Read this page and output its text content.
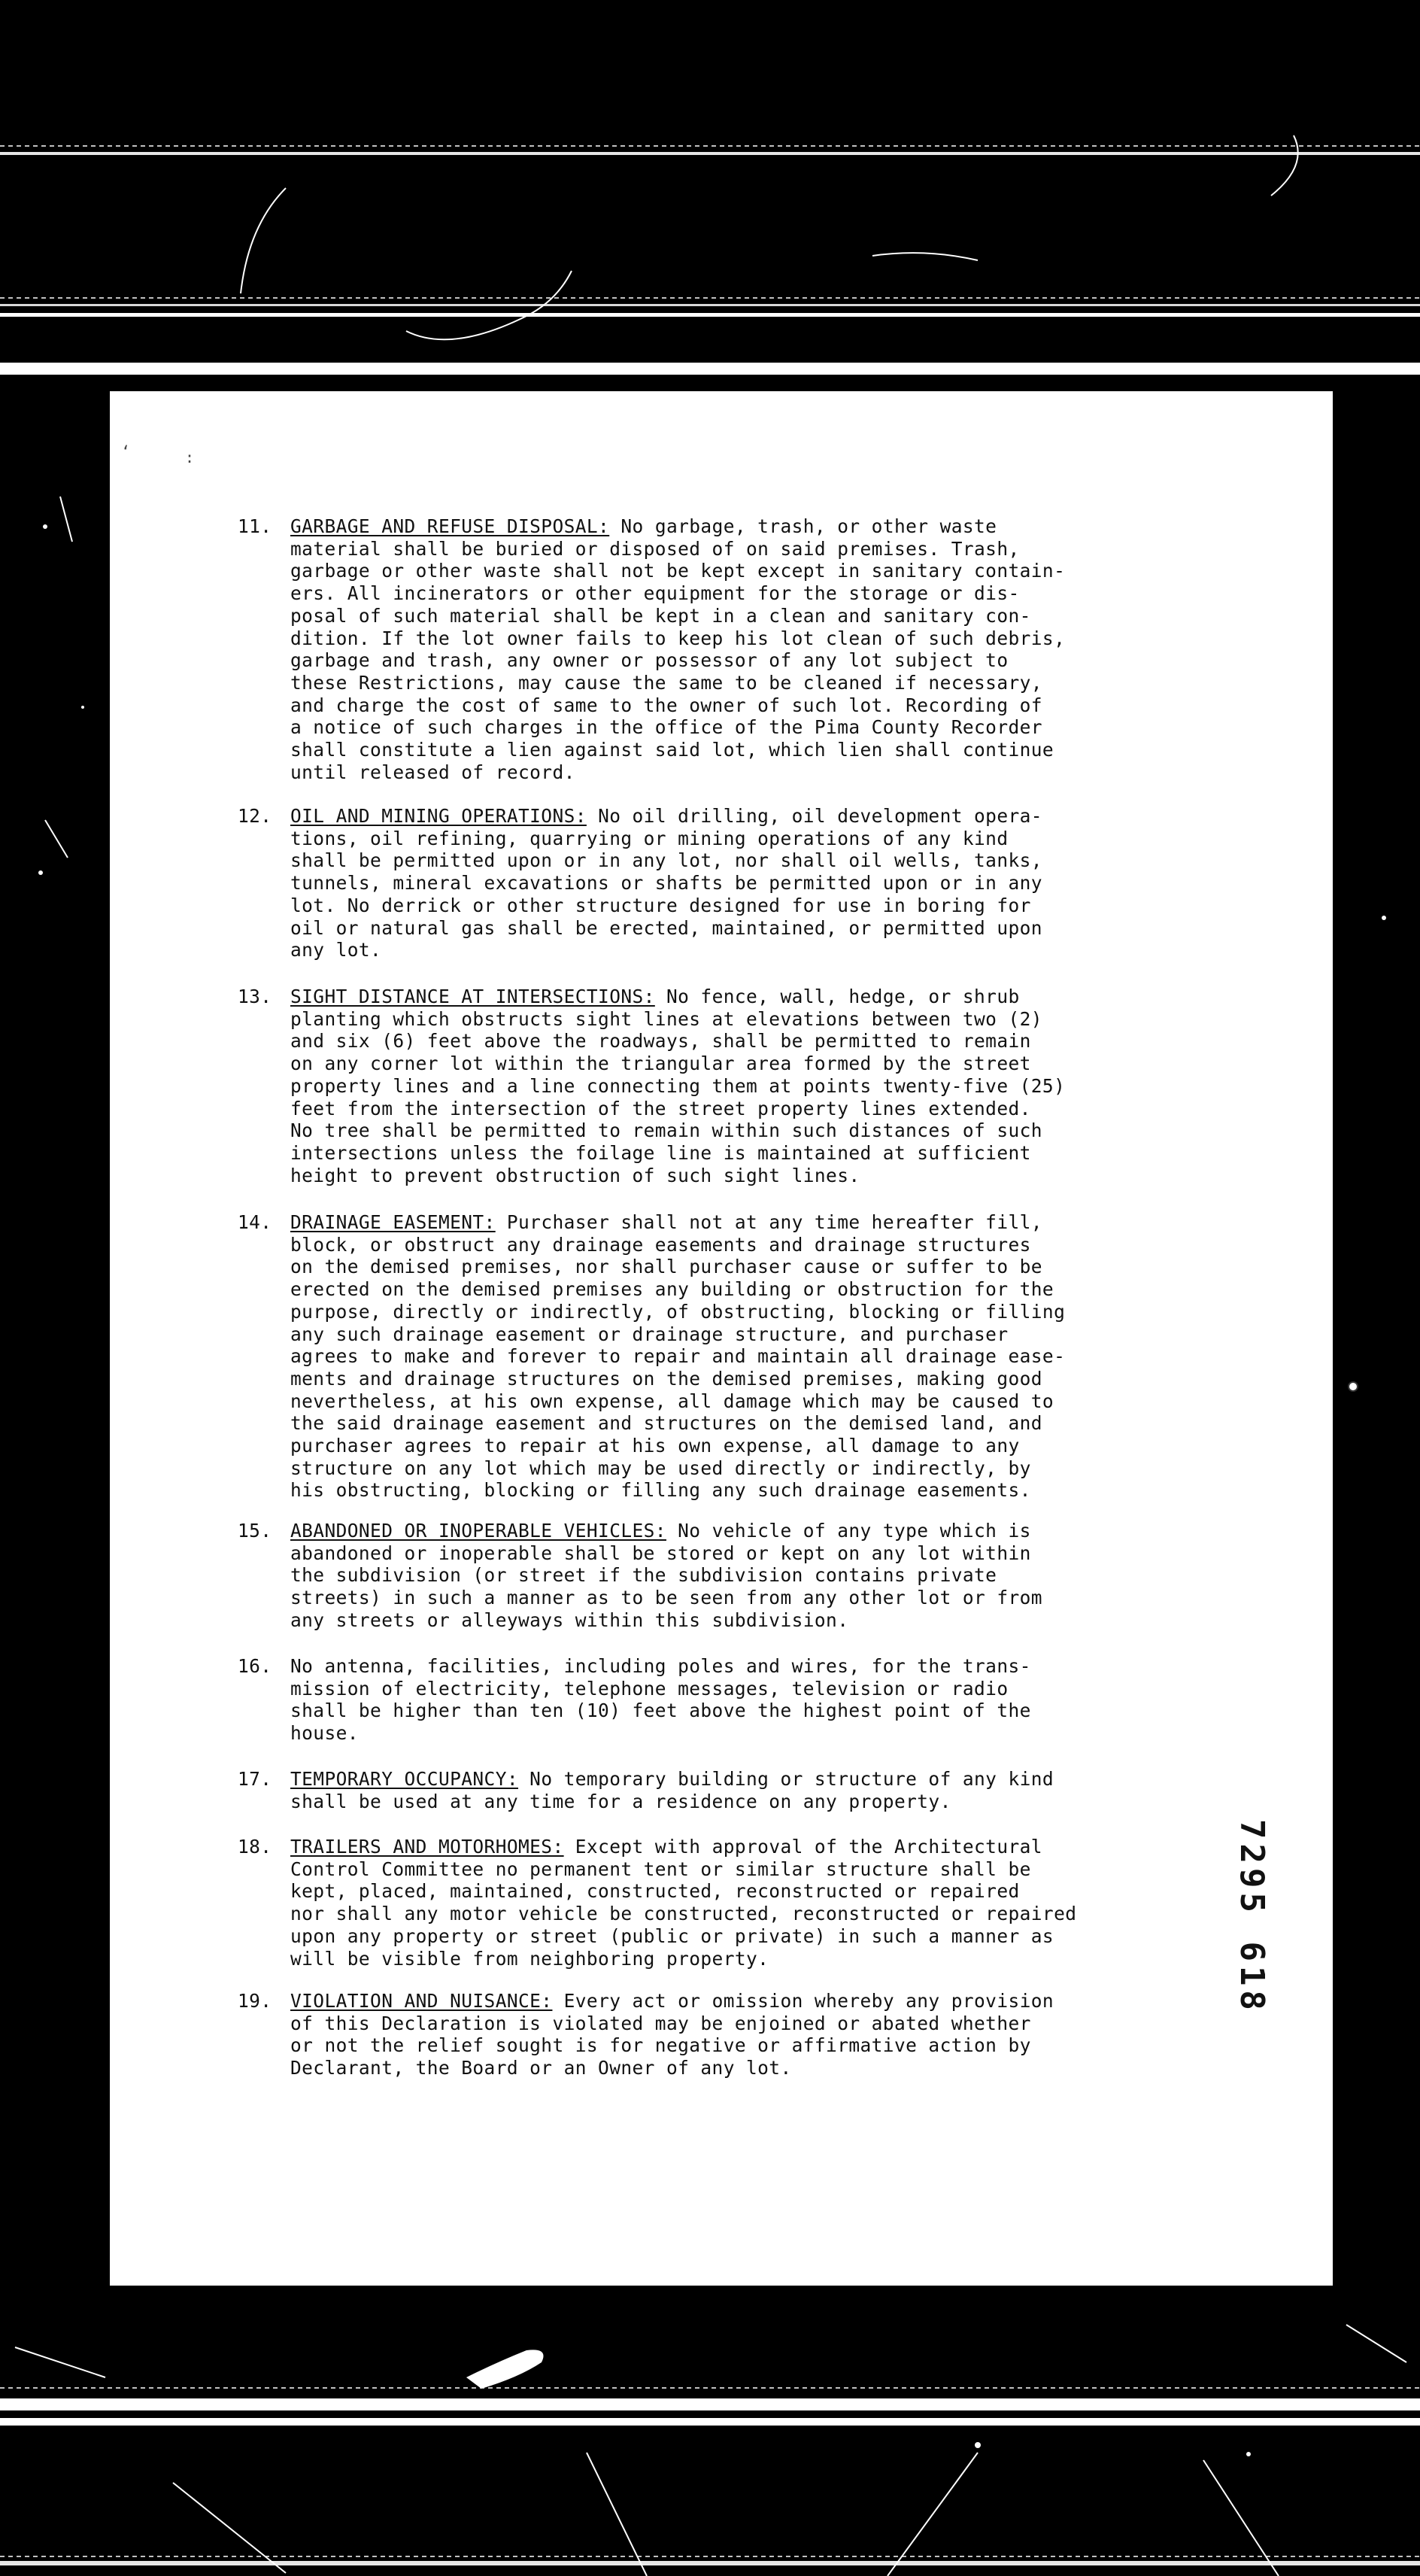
‘	:
11.	GARBAGE AND REFUSE DISPOSAL: No garbage, trash, or other waste
material shall be buried or disposed of on said premises. Trash,
garbage or other waste shall not be kept except in sanitary contain-
ers. All incinerators or other equipment for the storage or dis-
posal of such material shall be kept in a clean and sanitary con-
dition. If the lot owner fails to keep his lot clean of such debris,
garbage and trash, any owner or possessor of any lot subject to
these Restrictions, may cause the same to be cleaned if necessary,
and charge the cost of same to the owner of such lot. Recording of
a notice of such charges in the office of the Pima County Recorder
shall constitute a lien against said lot, which lien shall continue
until released of record.
12.	OIL AND MINING OPERATIONS: No oil drilling, oil development opera-
tions, oil refining, quarrying or mining operations of any kind
shall be permitted upon or in any lot, nor shall oil wells, tanks,
tunnels, mineral excavations or shafts be permitted upon or in any
lot. No derrick or other structure designed for use in boring for
oil or natural gas shall be erected, maintained, or permitted upon
any lot.
13.	SIGHT DISTANCE AT INTERSECTIONS: No fence, wall, hedge, or shrub
planting which obstructs sight lines at elevations between two (2)
and six (6) feet above the roadways, shall be permitted to remain
on any corner lot within the triangular area formed by the street
property lines and a line connecting them at points twenty-five (25)
feet from the intersection of the street property lines extended.
No tree shall be permitted to remain within such distances of such
intersections unless the foilage line is maintained at sufficient
height to prevent obstruction of such sight lines.
14.	DRAINAGE EASEMENT: Purchaser shall not at any time hereafter fill,
block, or obstruct any drainage easements and drainage structures
on the demised premises, nor shall purchaser cause or suffer to be
erected on the demised premises any building or obstruction for the
purpose, directly or indirectly, of obstructing, blocking or filling
any such drainage easement or drainage structure, and purchaser
agrees to make and forever to repair and maintain all drainage ease-
ments and drainage structures on the demised premises, making good
nevertheless, at his own expense, all damage which may be caused to
the said drainage easement and structures on the demised land, and
purchaser agrees to repair at his own expense, all damage to any
structure on any lot which may be used directly or indirectly, by
his obstructing, blocking or filling any such drainage easements.
15.	ABANDONED OR INOPERABLE VEHICLES: No vehicle of any type which is
abandoned or inoperable shall be stored or kept on any lot within
the subdivision (or street if the subdivision contains private
streets) in such a manner as to be seen from any other lot or from
any streets or alleyways within this subdivision.
16.	No antenna, facilities, including poles and wires, for the trans-
mission of electricity, telephone messages, television or radio
shall be higher than ten (10) feet above the highest point of the
house.
17.	TEMPORARY OCCUPANCY: No temporary building or structure of any kind
shall be used at any time for a residence on any property.
18.	TRAILERS AND MOTORHOMES: Except with approval of the Architectural
Control Committee no permanent tent or similar structure shall be
kept, placed, maintained, constructed, reconstructed or repaired
nor shall any motor vehicle be constructed, reconstructed or repaired
upon any property or street (public or private) in such a manner as
will be visible from neighboring property.
19.	VIOLATION AND NUISANCE: Every act or omission whereby any provision
of this Declaration is violated may be enjoined or abated whether
or not the relief sought is for negative or affirmative action by
Declarant, the Board or an Owner of any lot.
7295 618
